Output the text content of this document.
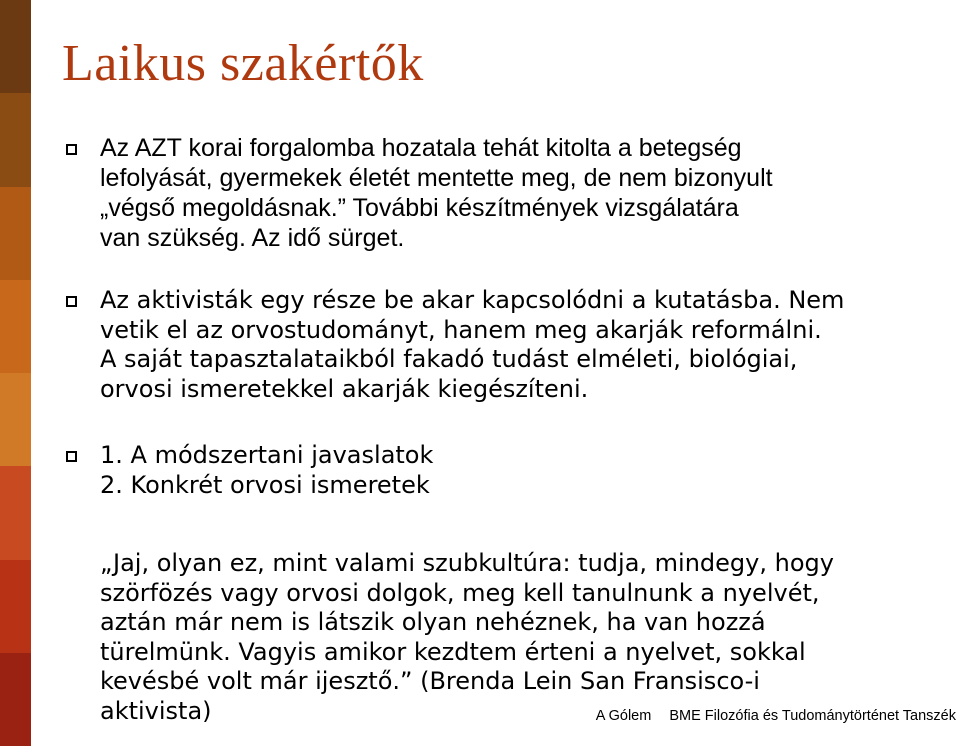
Laikus szakértők
Az AZT korai forgalomba hozatala tehát kitolta a betegség
lefolyását, gyermekek életét mentette meg, de nem bizonyult
„végső megoldásnak.” További készítmények vizsgálatára
van szükség. Az idő sürget.
Az aktivisták egy része be akar kapcsolódni a kutatásba. Nem
vetik el az orvostudományt, hanem meg akarják reformálni.
A saját tapasztalataikból fakadó tudást elméleti, biológiai,
orvosi ismeretekkel akarják kiegészíteni.
1. A módszertani javaslatok
2. Konkrét orvosi ismeretek
„Jaj, olyan ez, mint valami szubkultúra: tudja, mindegy, hogy
szörfözés vagy orvosi dolgok, meg kell tanulnunk a nyelvét,
aztán már nem is látszik olyan nehéznek, ha van hozzá
türelmünk. Vagyis amikor kezdtem érteni a nyelvet, sokkal
kevésbé volt már ijesztő.” (Brenda Lein San Fransisco-i
aktivista)	A Gólem BME Filozófia és Tudománytörténet Tanszék
